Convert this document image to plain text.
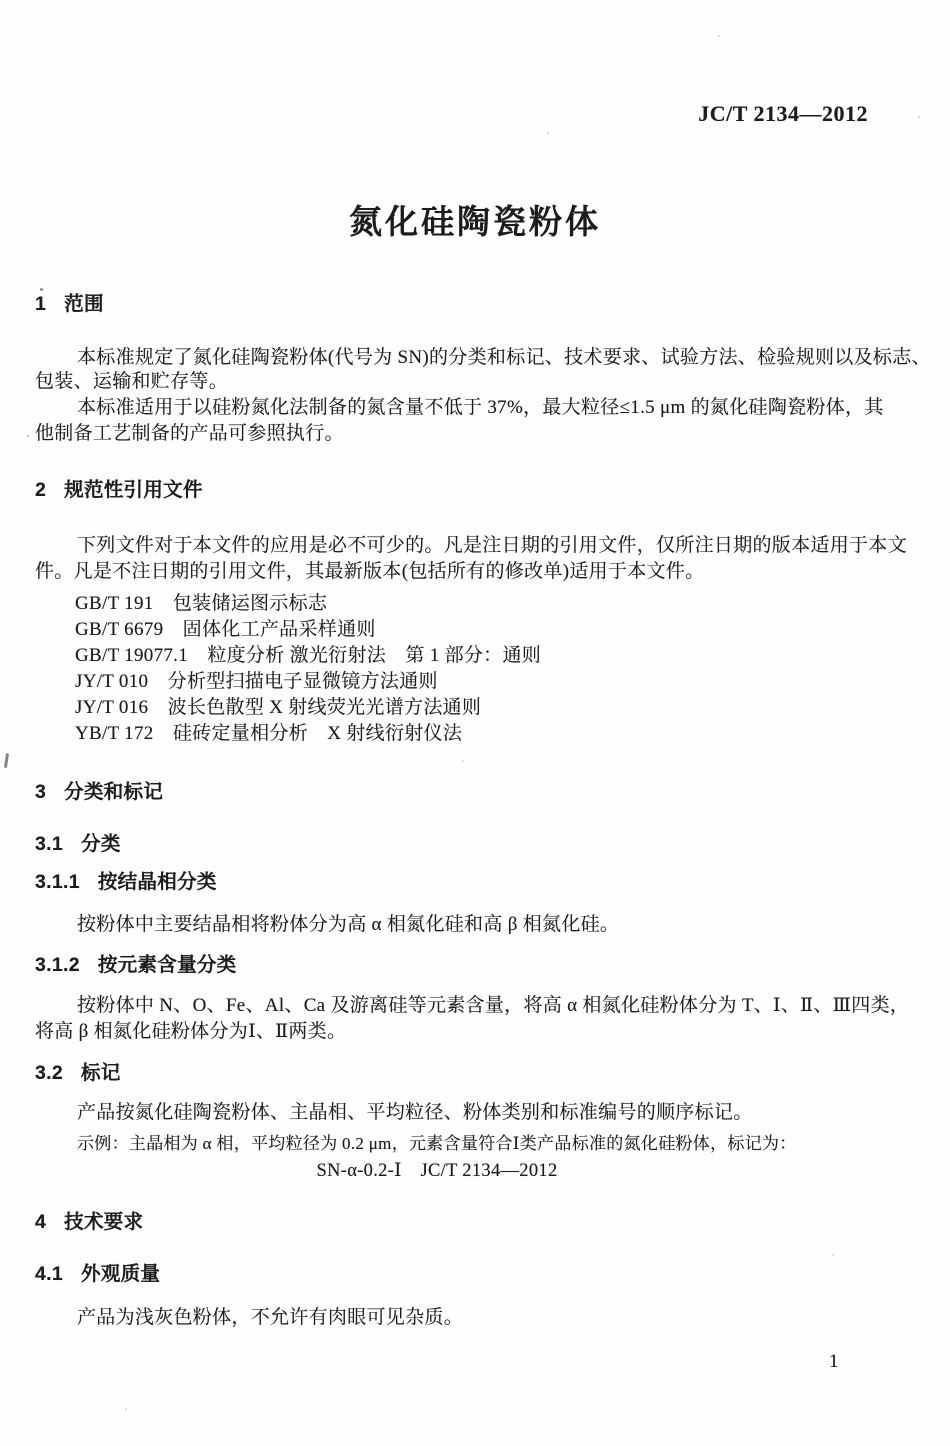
JC/T 2134—2012
氮化硅陶瓷粉体
1 范围
本标准规定了氮化硅陶瓷粉体(代号为 SN)的分类和标记、技术要求、试验方法、检验规则以及标志、
包装、运输和贮存等。
本标准适用于以硅粉氮化法制备的氮含量不低于 37%，最大粒径≤1.5 μm 的氮化硅陶瓷粉体，其
他制备工艺制备的产品可参照执行。
2 规范性引用文件
下列文件对于本文件的应用是必不可少的。凡是注日期的引用文件，仅所注日期的版本适用于本文
件。凡是不注日期的引用文件，其最新版本(包括所有的修改单)适用于本文件。
GB/T 191　包装储运图示标志
GB/T 6679　固体化工产品采样通则
GB/T 19077.1　粒度分析 激光衍射法　第 1 部分：通则
JY/T 010　分析型扫描电子显微镜方法通则
JY/T 016　波长色散型 X 射线荧光光谱方法通则
YB/T 172　硅砖定量相分析　X 射线衍射仪法
3 分类和标记
3.1 分类
3.1.1 按结晶相分类
按粉体中主要结晶相将粉体分为高 α 相氮化硅和高 β 相氮化硅。
3.1.2 按元素含量分类
按粉体中 N、O、Fe、Al、Ca 及游离硅等元素含量，将高 α 相氮化硅粉体分为 T、Ⅰ、Ⅱ、Ⅲ四类，
将高 β 相氮化硅粉体分为Ⅰ、Ⅱ两类。
3.2 标记
产品按氮化硅陶瓷粉体、主晶相、平均粒径、粉体类别和标准编号的顺序标记。
示例：主晶相为 α 相，平均粒径为 0.2 μm，元素含量符合Ⅰ类产品标准的氮化硅粉体，标记为：
SN-α-0.2-Ⅰ　JC/T 2134—2012
4 技术要求
4.1 外观质量
产品为浅灰色粉体，不允许有肉眼可见杂质。
1
